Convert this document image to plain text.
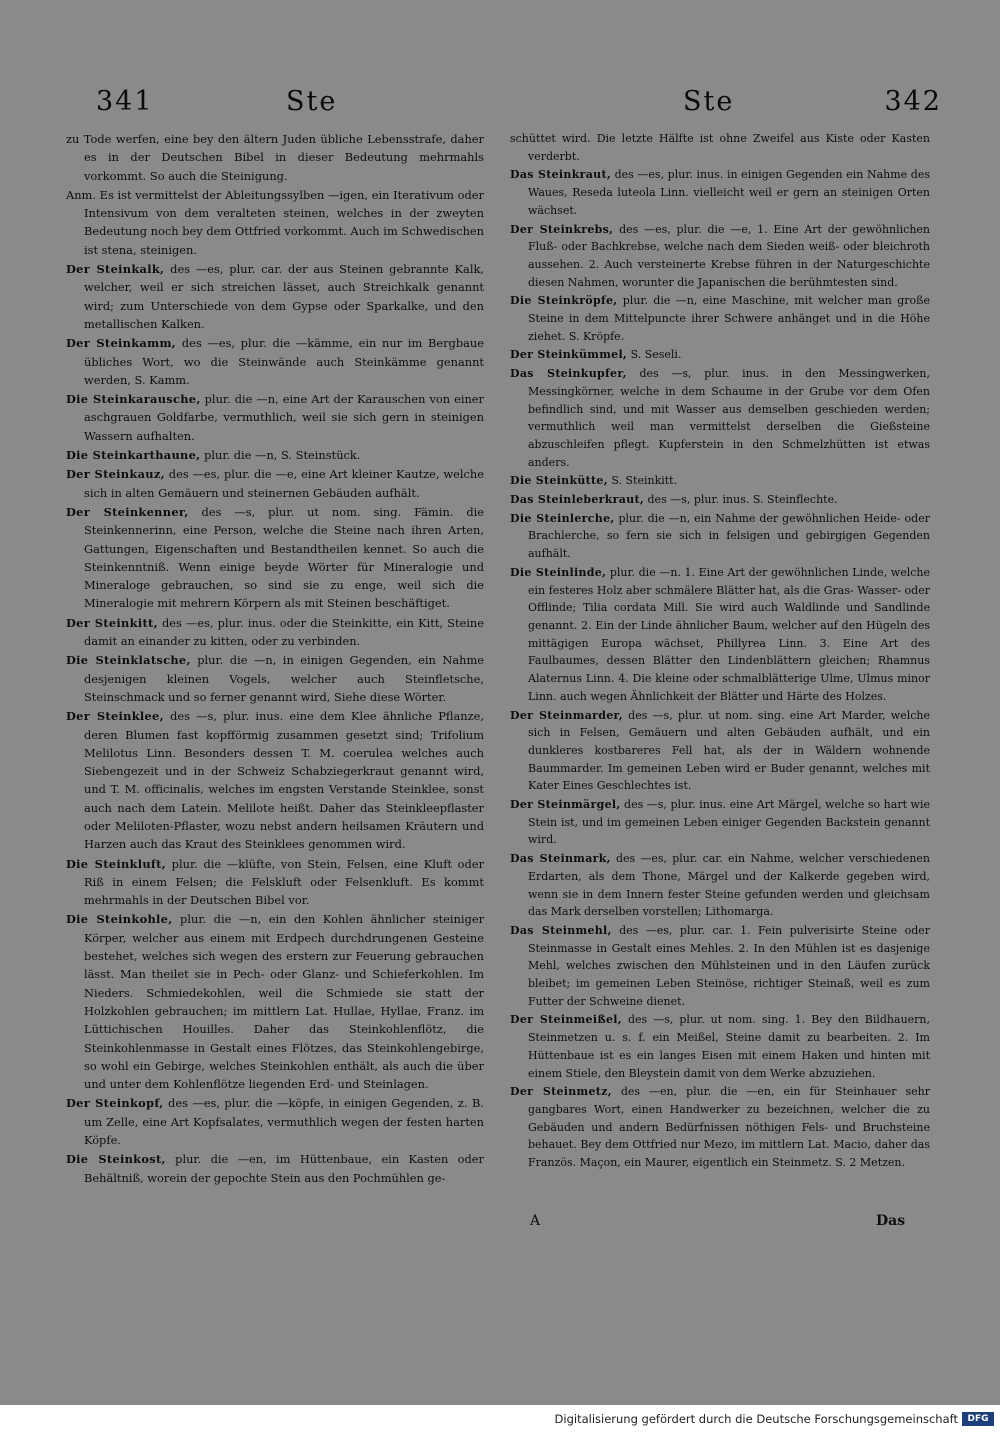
341	Ste	Ste	342

zu Tode werfen, eine bey den ältern Juden übliche Lebensstrafe, daher es in der Deutschen Bibel in dieser Bedeutung mehrmahls vorkommt. So auch die Steinigung.

Anm. Es ist vermittelst der Ableitungssylben —igen, ein Iterativum oder Intensivum von dem veralteten steinen, welches in der zweyten Bedeutung noch bey dem Ottfried vorkommt. Auch im Schwedischen ist stena, steinigen.

Der Steinkalk, des —es, plur. car. der aus Steinen gebrannte Kalk, welcher, weil er sich streichen lässet, auch Streichkalk genannt wird; zum Unterschiede von dem Gypse oder Sparkalke, und den metallischen Kalken.

Der Steinkamm, des —es, plur. die —kämme, ein nur im Bergbaue übliches Wort, wo die Steinwände auch Steinkämme genannt werden, S. Kamm.

Die Steinkarausche, plur. die —n, eine Art der Karauschen von einer aschgrauen Goldfarbe, vermuthlich, weil sie sich gern in steinigen Wassern aufhalten.

Die Steinkarthaune, plur. die —n, S. Steinstück.

Der Steinkauz, des —es, plur. die —e, eine Art kleiner Kautze, welche sich in alten Gemäuern und steinernen Gebäuden aufhält.

Der Steinkenner, des —s, plur. ut nom. sing. Fämin. die Steinkennerinn, eine Person, welche die Steine nach ihren Arten, Gattungen, Eigenschaften und Bestandtheilen kennet. So auch die Steinkenntniß. Wenn einige beyde Wörter für Mineralogie und Mineraloge gebrauchen, so sind sie zu enge, weil sich die Mineralogie mit mehrern Körpern als mit Steinen beschäftiget.

Der Steinkitt, des —es, plur. inus. oder die Steinkitte, ein Kitt, Steine damit an einander zu kitten, oder zu verbinden.

Die Steinklatsche, plur. die —n, in einigen Gegenden, ein Nahme desjenigen kleinen Vogels, welcher auch Steinfletsche, Steinschmack und so ferner genannt wird, Siehe diese Wörter.

Der Steinklee, des —s, plur. inus. eine dem Klee ähnliche Pflanze, deren Blumen fast kopfförmig zusammen gesetzt sind; Trifolium Melilotus Linn. Besonders dessen T. M. coerulea welches auch Siebengezeit und in der Schweiz Schabziegerkraut genannt wird, und T. M. officinalis, welches im engsten Verstande Steinklee, sonst auch nach dem Latein. Melilote heißt. Daher das Steinkleepflaster oder Meliloten-Pflaster, wozu nebst andern heilsamen Kräutern und Harzen auch das Kraut des Steinklees genommen wird.

Die Steinkluft, plur. die —klüfte, von Stein, Felsen, eine Kluft oder Riß in einem Felsen; die Felskluft oder Felsenkluft. Es kommt mehrmahls in der Deutschen Bibel vor.

Die Steinkohle, plur. die —n, ein den Kohlen ähnlicher steiniger Körper, welcher aus einem mit Erdpech durchdrungenen Gesteine bestehet, welches sich wegen des erstern zur Feuerung gebrauchen lässt. Man theilet sie in Pech- oder Glanz- und Schieferkohlen. Im Nieders. Schmiedekohlen, weil die Schmiede sie statt der Holzkohlen gebrauchen; im mittlern Lat. Hullae, Hyllae, Franz. im Lüttichischen Houilles. Daher das Steinkohlenflötz, die Steinkohlenmasse in Gestalt eines Flötzes, das Steinkohlengebirge, so wohl ein Gebirge, welches Steinkohlen enthält, als auch die über und unter dem Kohlenflötze liegenden Erd- und Steinlagen.

Der Steinkopf, des —es, plur. die —köpfe, in einigen Gegenden, z. B. um Zelle, eine Art Kopfsalates, vermuthlich wegen der festen harten Köpfe.

Die Steinkost, plur. die —en, im Hüttenbaue, ein Kasten oder Behältniß, worein der gepochte Stein aus den Pochmühlen ge-

schüttet wird. Die letzte Hälfte ist ohne Zweifel aus Kiste oder Kasten verderbt.

Das Steinkraut, des —es, plur. inus. in einigen Gegenden ein Nahme des Waues, Reseda luteola Linn. vielleicht weil er gern an steinigen Orten wächset.

Der Steinkrebs, des —es, plur. die —e, 1. Eine Art der gewöhnlichen Fluß- oder Bachkrebse, welche nach dem Sieden weiß- oder bleichroth aussehen. 2. Auch versteinerte Krebse führen in der Naturgeschichte diesen Nahmen, worunter die Japanischen die berühmtesten sind.

Die Steinkröpfe, plur. die —n, eine Maschine, mit welcher man große Steine in dem Mittelpuncte ihrer Schwere anhänget und in die Höhe ziehet. S. Kröpfe.

Der Steinkümmel, S. Seseli.

Das Steinkupfer, des —s, plur. inus. in den Messingwerken, Messingkörner, welche in dem Schaume in der Grube vor dem Ofen befindlich sind, und mit Wasser aus demselben geschieden werden; vermuthlich weil man vermittelst derselben die Gießsteine abzuschleifen pflegt. Kupferstein in den Schmelzhütten ist etwas anders.

Die Steinkütte, S. Steinkitt.

Das Steinleberkraut, des —s, plur. inus. S. Steinflechte.

Die Steinlerche, plur. die —n, ein Nahme der gewöhnlichen Heide- oder Brachlerche, so fern sie sich in felsigen und gebirgigen Gegenden aufhält.

Die Steinlinde, plur. die —n. 1. Eine Art der gewöhnlichen Linde, welche ein festeres Holz aber schmälere Blätter hat, als die Gras- Wasser- oder Offlinde; Tilia cordata Mill. Sie wird auch Waldlinde und Sandlinde genannt. 2. Ein der Linde ähnlicher Baum, welcher auf den Hügeln des mittägigen Europa wächset, Phillyrea Linn. 3. Eine Art des Faulbaumes, dessen Blätter den Lindenblättern gleichen; Rhamnus Alaternus Linn. 4. Die kleine oder schmalblätterige Ulme, Ulmus minor Linn. auch wegen Ähnlichkeit der Blätter und Härte des Holzes.

Der Steinmarder, des —s, plur. ut nom. sing. eine Art Marder, welche sich in Felsen, Gemäuern und alten Gebäuden aufhält, und ein dunkleres kostbareres Fell hat, als der in Wäldern wohnende Baummarder. Im gemeinen Leben wird er Buder genannt, welches mit Kater Eines Geschlechtes ist.

Der Steinmärgel, des —s, plur. inus. eine Art Märgel, welche so hart wie Stein ist, und im gemeinen Leben einiger Gegenden Backstein genannt wird.

Das Steinmark, des —es, plur. car. ein Nahme, welcher verschiedenen Erdarten, als dem Thone, Märgel und der Kalkerde gegeben wird, wenn sie in dem Innern fester Steine gefunden werden und gleichsam das Mark derselben vorstellen; Lithomarga.

Das Steinmehl, des —es, plur. car. 1. Fein pulverisirte Steine oder Steinmasse in Gestalt eines Mehles. 2. In den Mühlen ist es dasjenige Mehl, welches zwischen den Mühlsteinen und in den Läufen zurück bleibet; im gemeinen Leben Steinöse, richtiger Steinaß, weil es zum Futter der Schweine dienet.

Der Steinmeißel, des —s, plur. ut nom. sing. 1. Bey den Bildhauern, Steinmetzen u. s. f. ein Meißel, Steine damit zu bearbeiten. 2. Im Hüttenbaue ist es ein langes Eisen mit einem Haken und hinten mit einem Stiele, den Bleystein damit von dem Werke abzuziehen.

Der Steinmetz, des —en, plur. die —en, ein für Steinhauer sehr gangbares Wort, einen Handwerker zu bezeichnen, welcher die zu Gebäuden und andern Bedürfnissen nöthigen Fels- und Bruchsteine behauet. Bey dem Ottfried nur Mezo, im mittlern Lat. Macio, daher das Französ. Maçon, ein Maurer, eigentlich ein Steinmetz. S. 2 Metzen.

A	Das
Digitalisierung gefördert durch die Deutsche Forschungsgemeinschaft	DFG
